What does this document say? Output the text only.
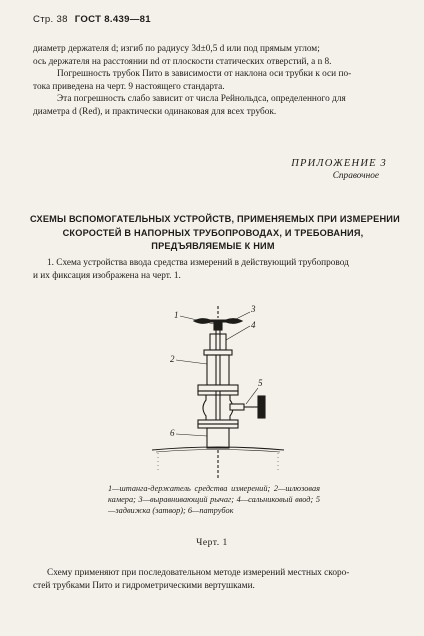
Стр. 38 ГОСТ 8.439—81
диаметр держателя d; изгиб по радиусу 3d±0,5 d или под прямым углом;
ось держателя на расстоянии nd от плоскости статических отверстий, а n 8.
Погрешность трубок Пито в зависимости от наклона оси трубки к оси по-
тока приведена на черт. 9 настоящего стандарта.
Эта погрешность слабо зависит от числа Рейнольдса, определенного для
диаметра d (Red), и практически одинаковая для всех трубок.
ПРИЛОЖЕНИЕ 3
Справочное
СХЕМЫ ВСПОМОГАТЕЛЬНЫХ УСТРОЙСТВ, ПРИМЕНЯЕМЫХ ПРИ ИЗМЕРЕНИИ
СКОРОСТЕЙ В НАПОРНЫХ ТРУБОПРОВОДАХ, И ТРЕБОВАНИЯ,
ПРЕДЪЯВЛЯЕМЫЕ К НИМ
1. Схема устройства ввода средства измерений в действующий трубопровод
и их фиксация изображена на черт. 1.
1
3
4
2
5
6
1—штанга-держатель средства измерений; 2—шлюзовая камера; 3—выравнивающий рычаг; 4—сальниковый ввод; 5—задвижка (затвор); 6—патрубок
Черт. 1
Схему применяют при последовательном методе измерений местных скоро-
стей трубками Пито и гидрометрическими вертушками.
